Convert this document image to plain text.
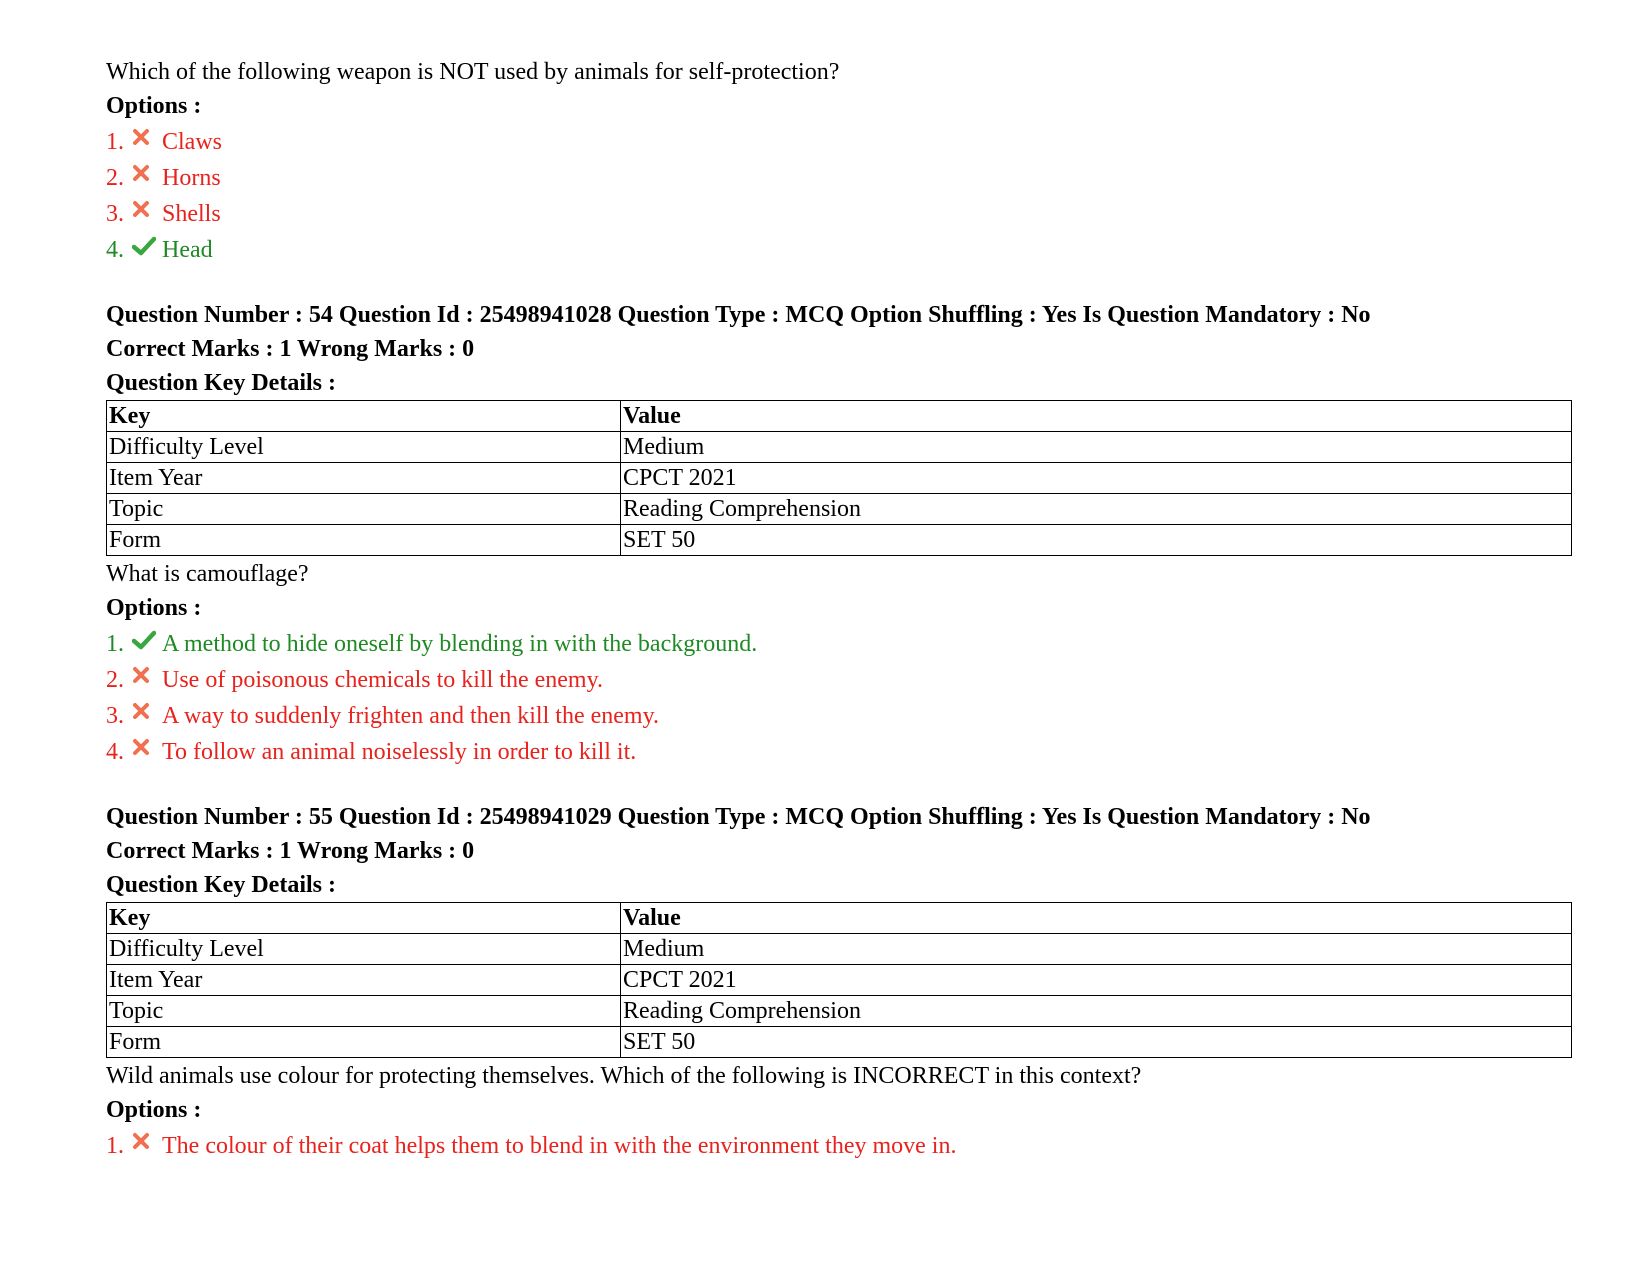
Which of the following weapon is NOT used by animals for self-protection?
Options :
1. Claws
2. Horns
3. Shells
4. Head
Question Number : 54 Question Id : 25498941028 Question Type : MCQ Option Shuffling : Yes Is Question Mandatory : No
Correct Marks : 1 Wrong Marks : 0
Question Key Details :
Key	Value
Difficulty Level	Medium
Item Year	CPCT 2021
Topic	Reading Comprehension
Form	SET 50
What is camouflage?
Options :
1. A method to hide oneself by blending in with the background.
2. Use of poisonous chemicals to kill the enemy.
3. A way to suddenly frighten and then kill the enemy.
4. To follow an animal noiselessly in order to kill it.
Question Number : 55 Question Id : 25498941029 Question Type : MCQ Option Shuffling : Yes Is Question Mandatory : No
Correct Marks : 1 Wrong Marks : 0
Question Key Details :
Key	Value
Difficulty Level	Medium
Item Year	CPCT 2021
Topic	Reading Comprehension
Form	SET 50
Wild animals use colour for protecting themselves. Which of the following is INCORRECT in this context?
Options :
1. The colour of their coat helps them to blend in with the environment they move in.
